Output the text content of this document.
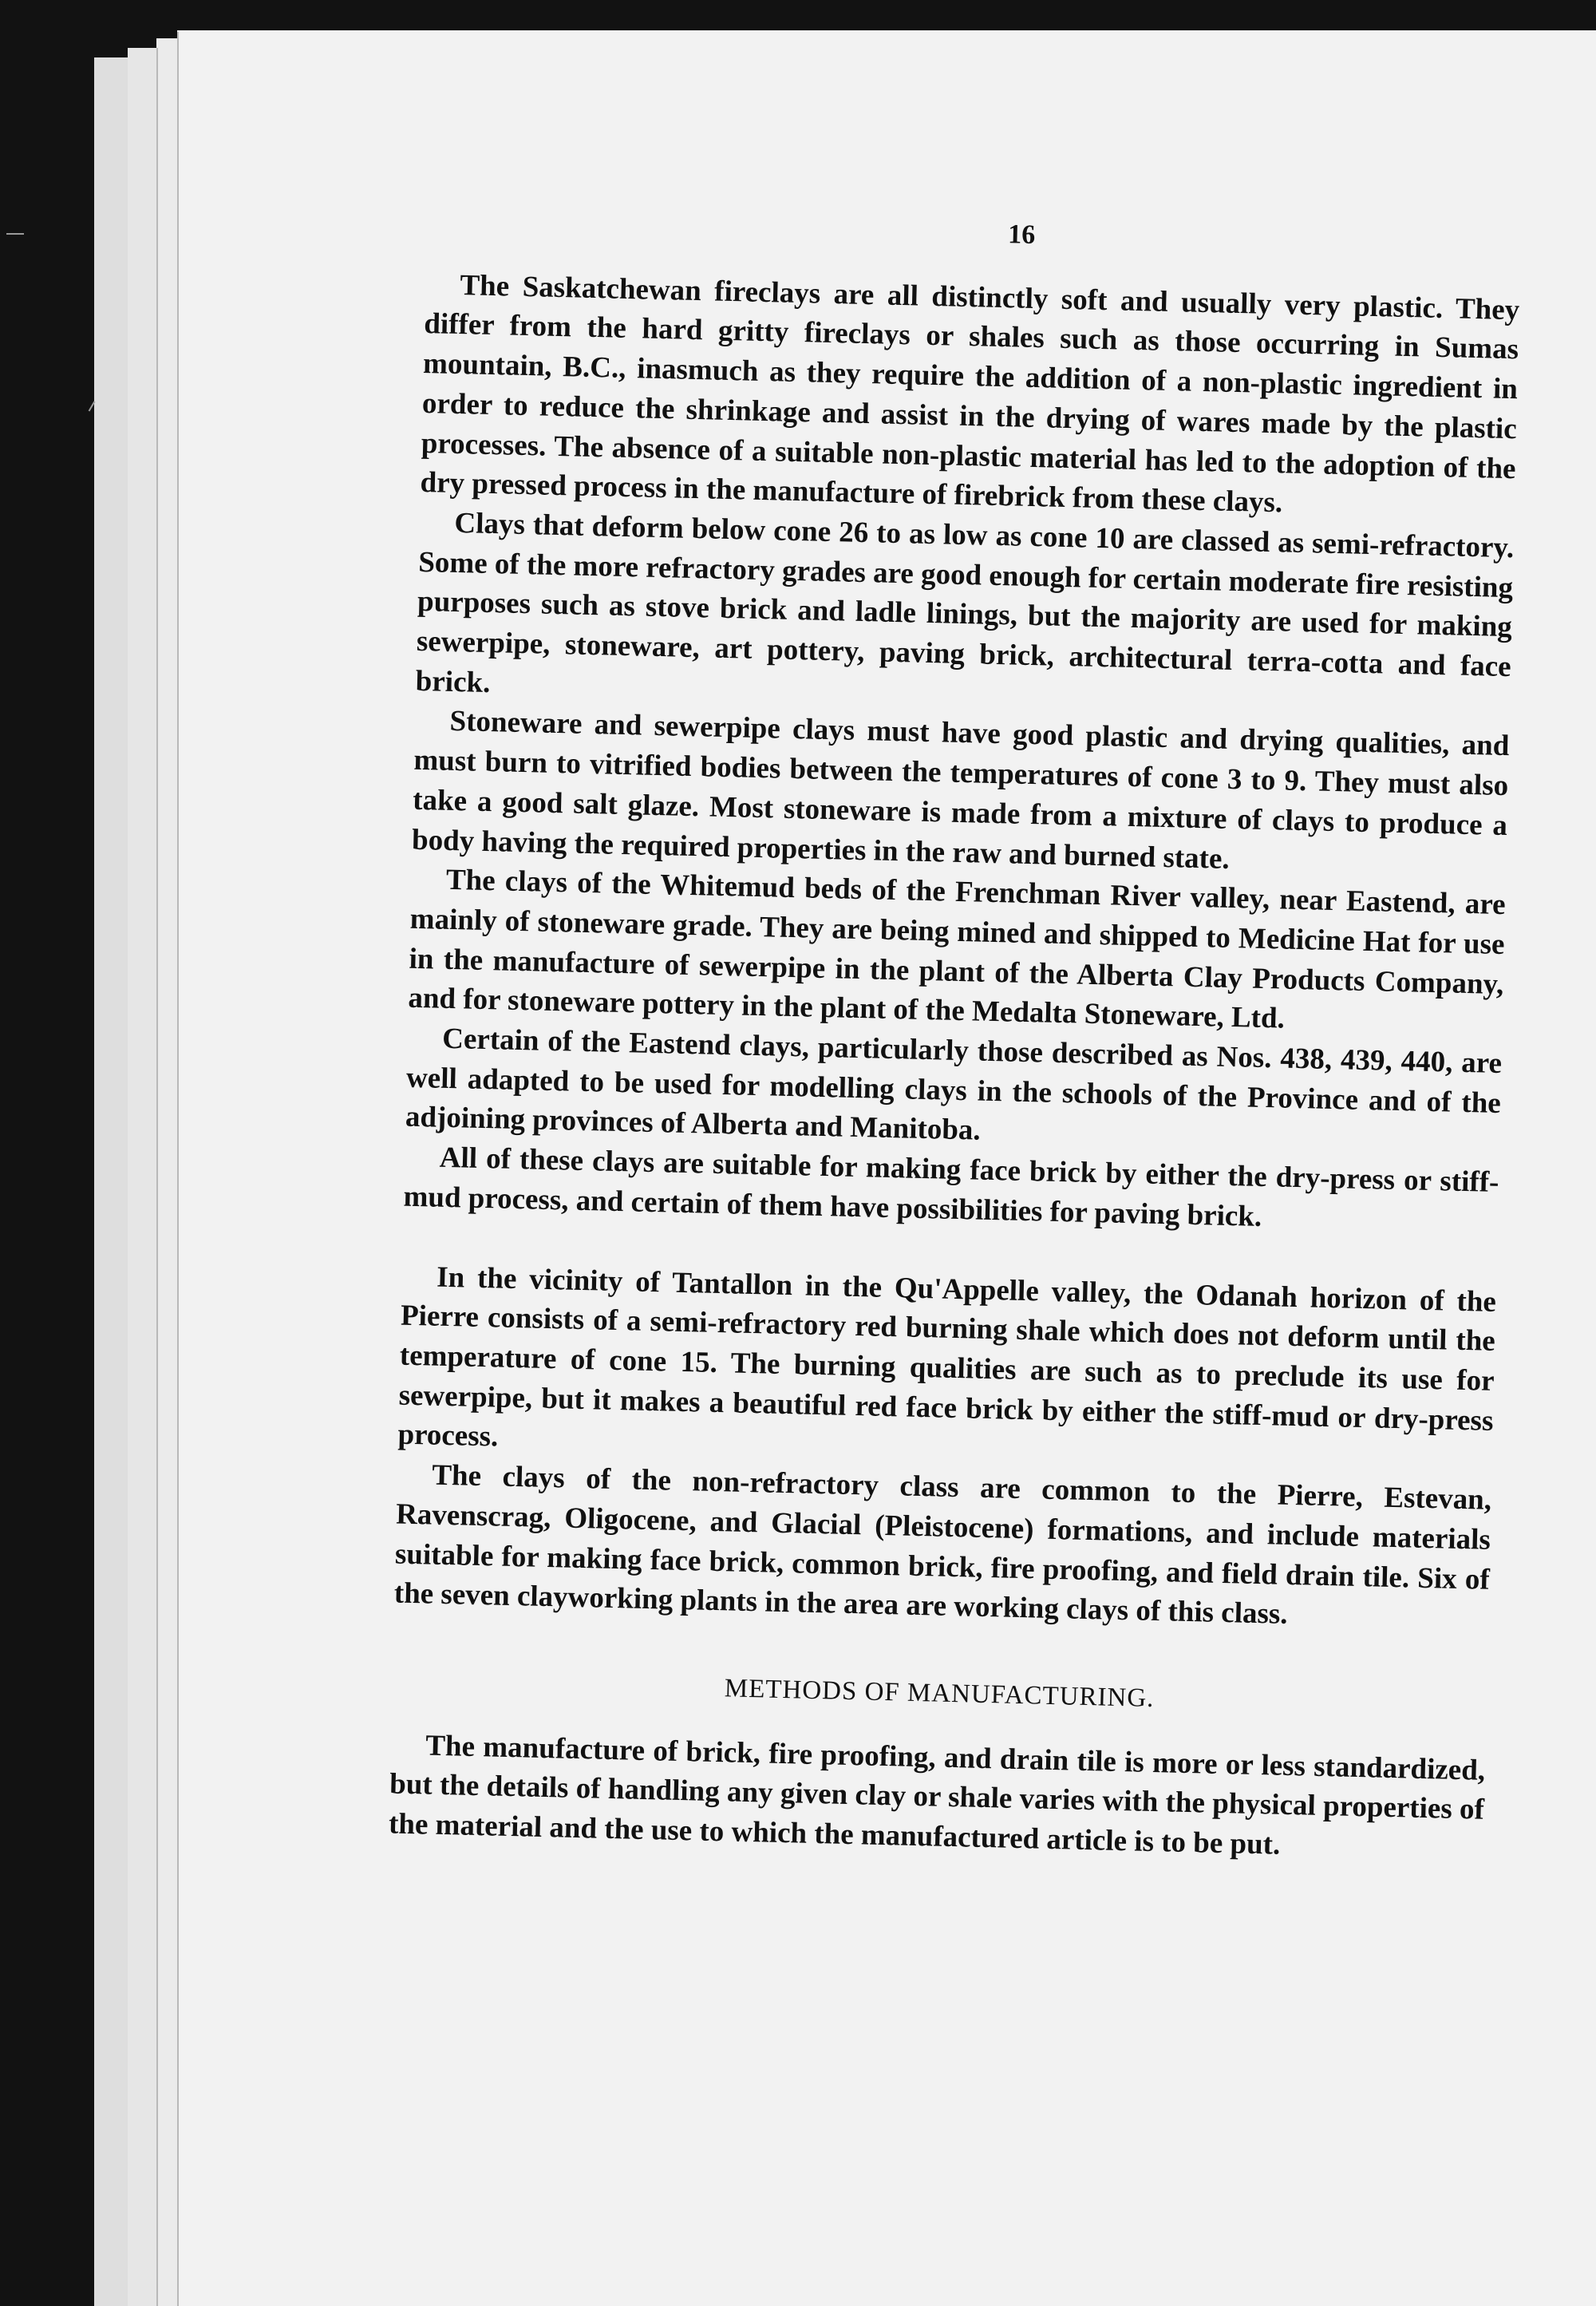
16

The Saskatchewan fireclays are all distinctly soft and usually very plastic. They differ from the hard gritty fireclays or shales such as those occurring in Sumas mountain, B.C., inasmuch as they require the addition of a non-plastic ingredient in order to reduce the shrinkage and assist in the drying of wares made by the plastic processes. The absence of a suitable non-plastic material has led to the adoption of the dry pressed process in the manufacture of firebrick from these clays.

Clays that deform below cone 26 to as low as cone 10 are classed as semi-refractory. Some of the more refractory grades are good enough for certain moderate fire resisting purposes such as stove brick and ladle linings, but the majority are used for making sewerpipe, stoneware, art pottery, paving brick, architectural terra-cotta and face brick.

Stoneware and sewerpipe clays must have good plastic and drying qualities, and must burn to vitrified bodies between the temperatures of cone 3 to 9. They must also take a good salt glaze. Most stoneware is made from a mixture of clays to produce a body having the required properties in the raw and burned state.

The clays of the Whitemud beds of the Frenchman River valley, near Eastend, are mainly of stoneware grade. They are being mined and shipped to Medicine Hat for use in the manufacture of sewerpipe in the plant of the Alberta Clay Products Company, and for stoneware pottery in the plant of the Medalta Stoneware, Ltd.

Certain of the Eastend clays, particularly those described as Nos. 438, 439, 440, are well adapted to be used for modelling clays in the schools of the Province and of the adjoining provinces of Alberta and Manitoba.

All of these clays are suitable for making face brick by either the dry-press or stiff-mud process, and certain of them have possibilities for paving brick.

In the vicinity of Tantallon in the Qu'Appelle valley, the Odanah horizon of the Pierre consists of a semi-refractory red burning shale which does not deform until the temperature of cone 15. The burning qualities are such as to preclude its use for sewerpipe, but it makes a beautiful red face brick by either the stiff-mud or dry-press process.

The clays of the non-refractory class are common to the Pierre, Estevan, Ravenscrag, Oligocene, and Glacial (Pleistocene) formations, and include materials suitable for making face brick, common brick, fire proofing, and field drain tile. Six of the seven clayworking plants in the area are working clays of this class.

METHODS OF MANUFACTURING.

The manufacture of brick, fire proofing, and drain tile is more or less standardized, but the details of handling any given clay or shale varies with the physical properties of the material and the use to which the manufactured article is to be put.
